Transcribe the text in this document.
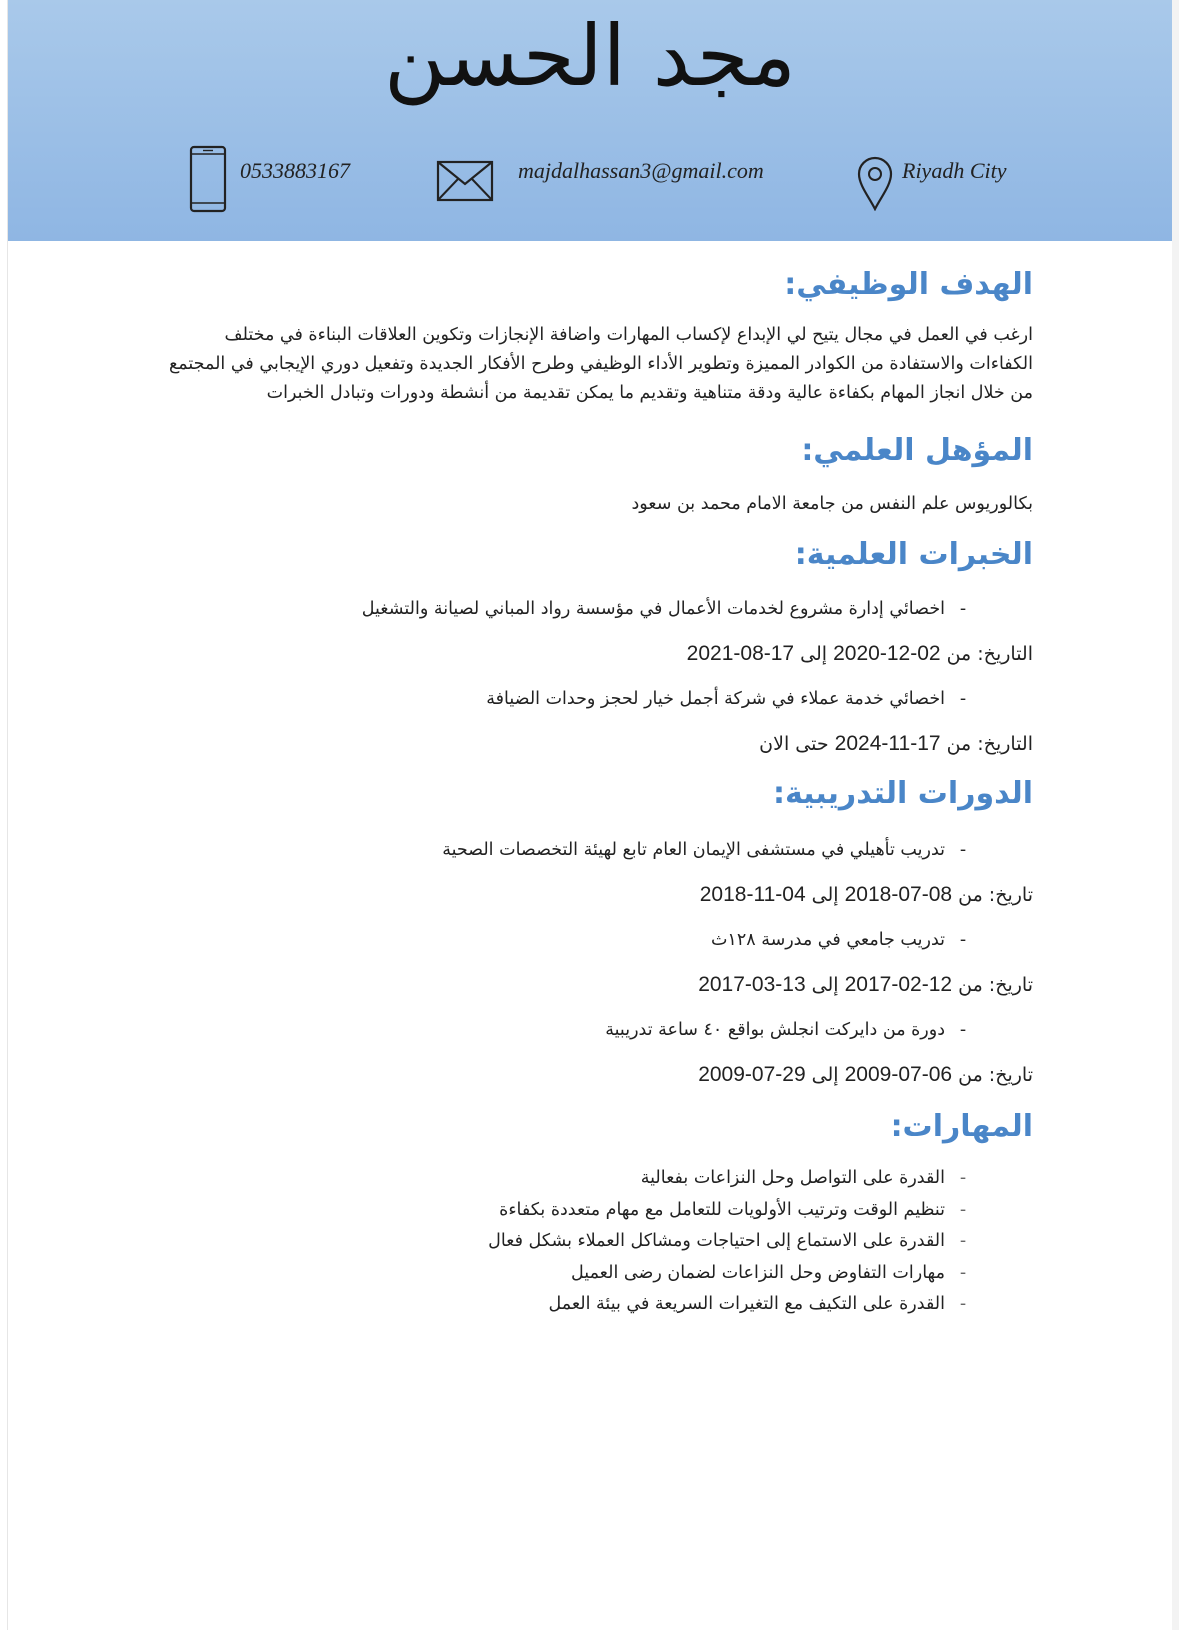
مجد الحسن
0533883167	majdalhassan3@gmail.com	Riyadh City
الهدف الوظيفي:
ارغب في العمل في مجال يتيح لي الإبداع لإكساب المهارات واضافة الإنجازات وتكوين العلاقات البناءة في مختلف
الكفاءات والاستفادة من الكوادر المميزة وتطوير الأداء الوظيفي وطرح الأفكار الجديدة وتفعيل دوري الإيجابي في المجتمع
من خلال انجاز المهام بكفاءة عالية ودقة متناهية وتقديم ما يمكن تقديمة من أنشطة ودورات وتبادل الخبرات
المؤهل العلمي:
بكالوريوس علم النفس من جامعة الامام محمد بن سعود
الخبرات العلمية:
-
اخصائي إدارة مشروع لخدمات الأعمال في مؤسسة رواد المباني لصيانة والتشغيل
التاريخ: من 02-12-2020 إلى 17-08-2021
-
اخصائي خدمة عملاء في شركة أجمل خيار لحجز وحدات الضيافة
التاريخ: من 17-11-2024 حتى الان
الدورات التدريبية:
-
تدريب تأهيلي في مستشفى الإيمان العام تابع لهيئة التخصصات الصحية
تاريخ: من 08-07-2018 إلى 04-11-2018
-
تدريب جامعي في مدرسة ١٢٨ث
تاريخ: من 12-02-2017 إلى 13-03-2017
-
دورة من دايركت انجلش بواقع ٤٠ ساعة تدريبية
تاريخ: من 06-07-2009 إلى 29-07-2009
المهارات:
-
القدرة على التواصل وحل النزاعات بفعالية
-
تنظيم الوقت وترتيب الأولويات للتعامل مع مهام متعددة بكفاءة
-
القدرة على الاستماع إلى احتياجات ومشاكل العملاء بشكل فعال
-
مهارات التفاوض وحل النزاعات لضمان رضى العميل
-
القدرة على التكيف مع التغيرات السريعة في بيئة العمل
